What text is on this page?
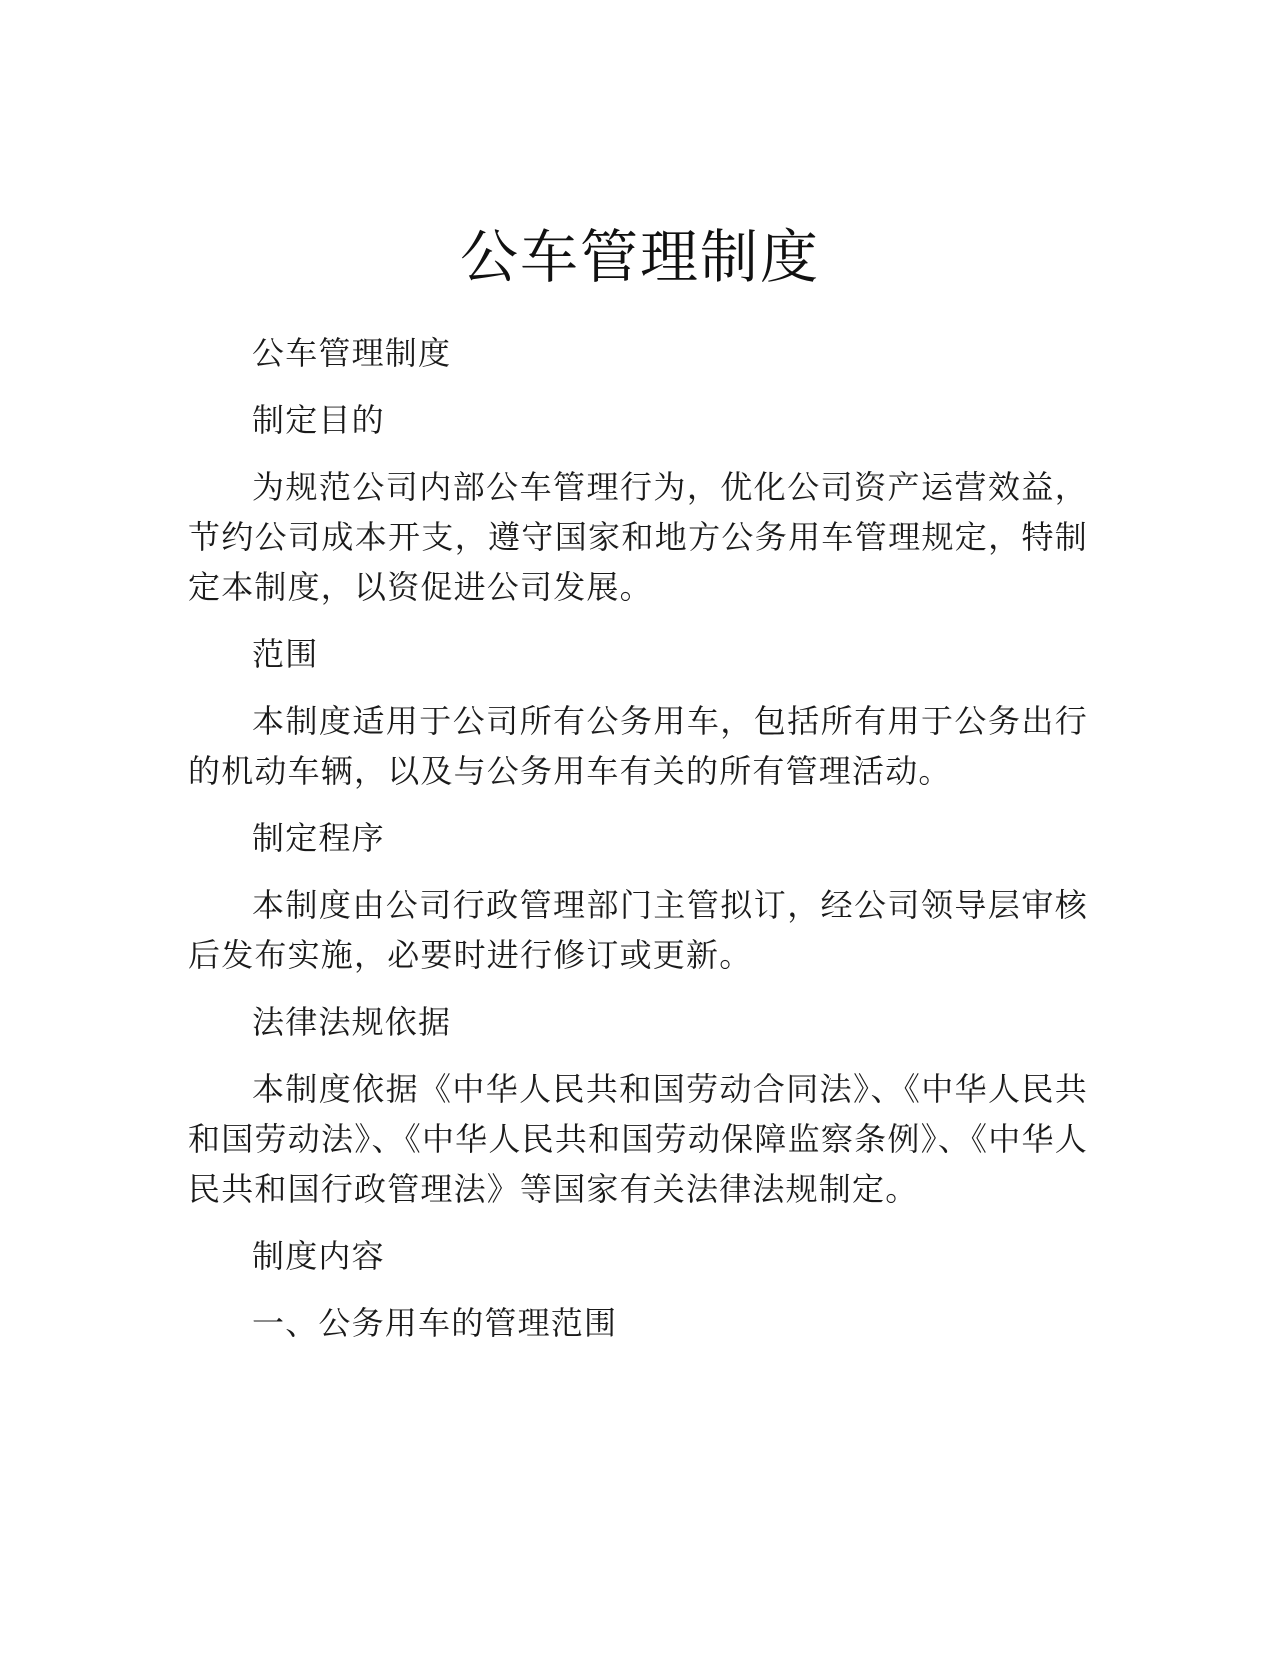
公车管理制度

公车管理制度

制定目的

为规范公司内部公车管理行为，优化公司资产运营效益，节约公司成本开支，遵守国家和地方公务用车管理规定，特制定本制度，以资促进公司发展。

范围

本制度适用于公司所有公务用车，包括所有用于公务出行的机动车辆，以及与公务用车有关的所有管理活动。

制定程序

本制度由公司行政管理部门主管拟订，经公司领导层审核后发布实施，必要时进行修订或更新。

法律法规依据

本制度依据《中华人民共和国劳动合同法》、《中华人民共和国劳动法》、《中华人民共和国劳动保障监察条例》、《中华人民共和国行政管理法》等国家有关法律法规制定。

制度内容

一、公务用车的管理范围
